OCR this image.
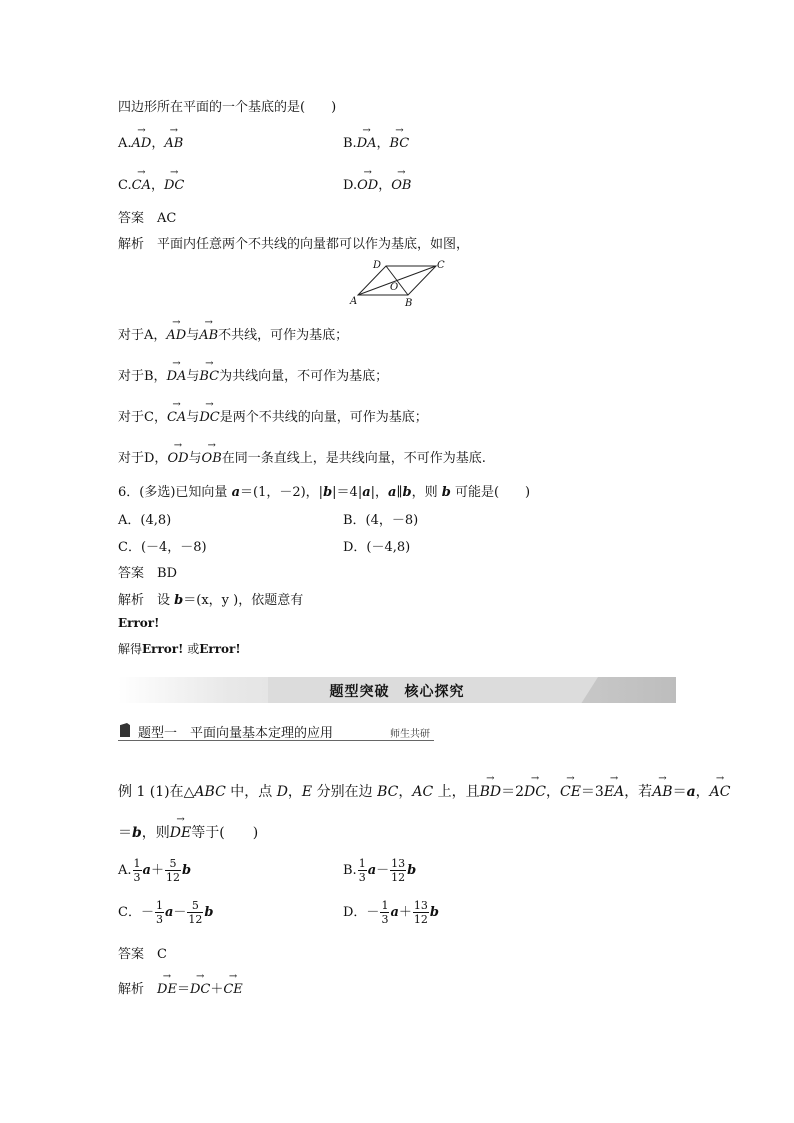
四边形所在平面的一个基底的是(　　)
A.→ AD，→ AB	B.→ DA，→ BC
C.→ CA，→ DC	D.→ OD，→ OB
答案　 AC
解析　 平面内任意两个不共线的向量都可以作为基底，如图，
A	B
C
D
O
对于A，→ AD与→ AB不共线，可作为基底；
对于B，→ DA与→ BC为共线向量，不可作为基底；
对于C，→ CA与→ DC是两个不共线的向量，可作为基底；
对于D，→ OD与→ OB在同一条直线上，是共线向量，不可作为基底.
6．(多选)已知向量 a＝(1，－2)，|b|＝4|a|，a∥b，则 b 可能是(　　)
A．(4,8)	B．(4，－8)
C．(－4，－8)	D．(－4,8)
答案　 BD
解析　 设 b＝(x，y )，依题意有
Error!
解得Error! 或Error!
题型突破　核心探究
题型一　平面向量基本定理的应用	师生共研
例 1 (1)在△ABC 中，点 D，E 分别在边 BC，AC 上，且→ BD＝2→ DC，→ CE＝3→ EA，若→ AB＝a，→ AC
＝b，则→ DE等于(　　)
A. $\frac{1}{3} a+ \frac{5}{12}$ b	B. $\frac{1}{3} a- \frac{13}{12}$ b
C．－ $\frac{1}{3} a- \frac{5}{12}$ b	D．－ $\frac{1}{3} a+ \frac{13}{12}$ b
答案　 C
解析　→ DE＝→ DC＋→ CE
